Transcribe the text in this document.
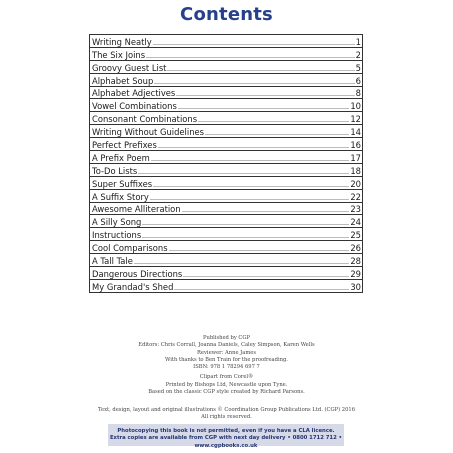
Contents
Writing Neatly	1
The Six Joins	2
Groovy Guest List	5
Alphabet Soup	6
Alphabet Adjectives	8
Vowel Combinations	10
Consonant Combinations	12
Writing Without Guidelines	14
Perfect Prefixes	16
A Prefix Poem	17
To-Do Lists	18
Super Suffixes	20
A Suffix Story	22
Awesome Alliteration	23
A Silly Song	24
Instructions	25
Cool Comparisons	26
A Tall Tale	28
Dangerous Directions	29
My Grandad's Shed	30
Published by CGP
Editors: Chris Corrall, Joanna Daniels, Caley Simpson, Karen Wells
Reviewer: Anne James
With thanks to Ben Train for the proofreading.
ISBN: 978 1 78294 697 7
Clipart from Corel®
Printed by Bishops Ltd, Newcastle upon Tyne.
Based on the classic CGP style created by Richard Parsons.
Text, design, layout and original illustrations © Coordination Group Publications Ltd. (CGP) 2016
All rights reserved.
Photocopying this book is not permitted, even if you have a CLA licence.
Extra copies are available from CGP with next day delivery • 0800 1712 712 • www.cgpbooks.co.uk
